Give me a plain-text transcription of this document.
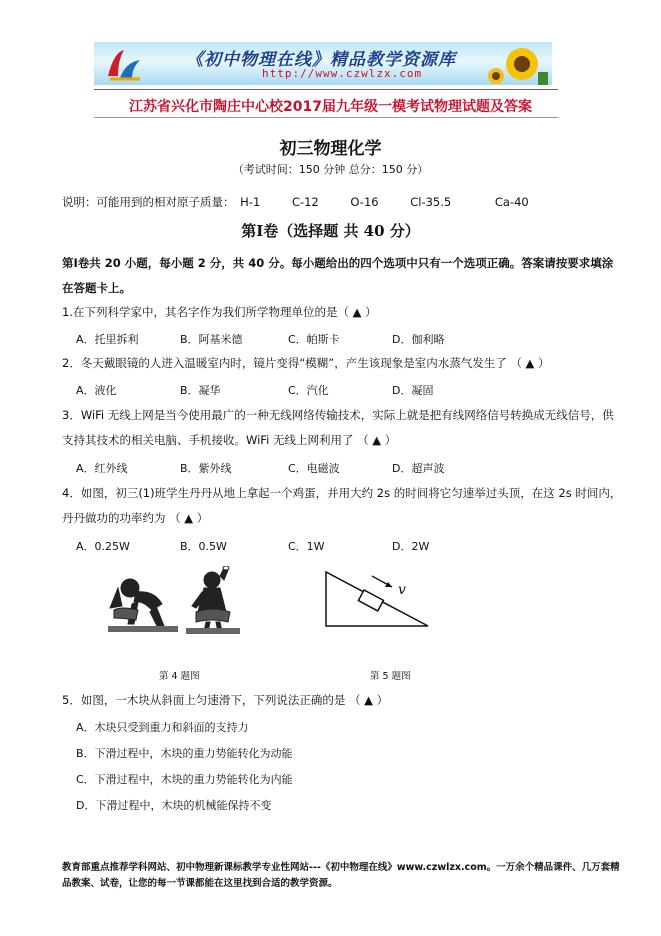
《初中物理在线》精品教学资源库
http://www.czwlzx.com
江苏省兴化市陶庄中心校2017届九年级一模考试物理试题及答案
初三物理化学
（考试时间：150 分钟 总分：150 分）
说明：可能用到的相对原子质量： H-1	C-12	O-16	Cl-35.5	Ca-40
第Ⅰ卷（选择题 共 40 分）
第Ⅰ卷共 20 小题，每小题 2 分，共 40 分。每小题给出的四个选项中只有一个选项正确。答案请按要求填涂在答题卡上。
1.在下列科学家中，其名字作为我们所学物理单位的是（ ▲ ）
A．托里拆利	B．阿基米德	C．帕斯卡	D．伽利略
2．冬天戴眼镜的人进入温暖室内时，镜片变得“模糊”，产生该现象是室内水蒸气发生了 （ ▲ ）
A．液化	B．凝华	C．汽化	D．凝固
3．WiFi 无线上网是当今使用最广的一种无线网络传输技术，实际上就是把有线网络信号转换成无线信号，供支持其技术的相关电脑、手机接收。WiFi 无线上网利用了 （ ▲ ）
A．红外线	B．紫外线	C．电磁波	D．超声波
4．如图，初三(1)班学生丹丹从地上拿起一个鸡蛋，并用大约 2s 的时间将它匀速举过头顶，在这 2s 时间内，丹丹做功的功率约为 （ ▲ ）
A．0.25W	B．0.5W	C．1W	D．2W
第 4 题图
v
第 5 题图
5．如图，一木块从斜面上匀速滑下，下列说法正确的是 （ ▲ ）
A．木块只受到重力和斜面的支持力
B．下滑过程中，木块的重力势能转化为动能
C．下滑过程中，木块的重力势能转化为内能
D．下滑过程中，木块的机械能保持不变
教育部重点推荐学科网站、初中物理新课标教学专业性网站---《初中物理在线》www.czwlzx.com。一万余个精品课件、几万套精品教案、试卷，让您的每一节课都能在这里找到合适的教学资源。
